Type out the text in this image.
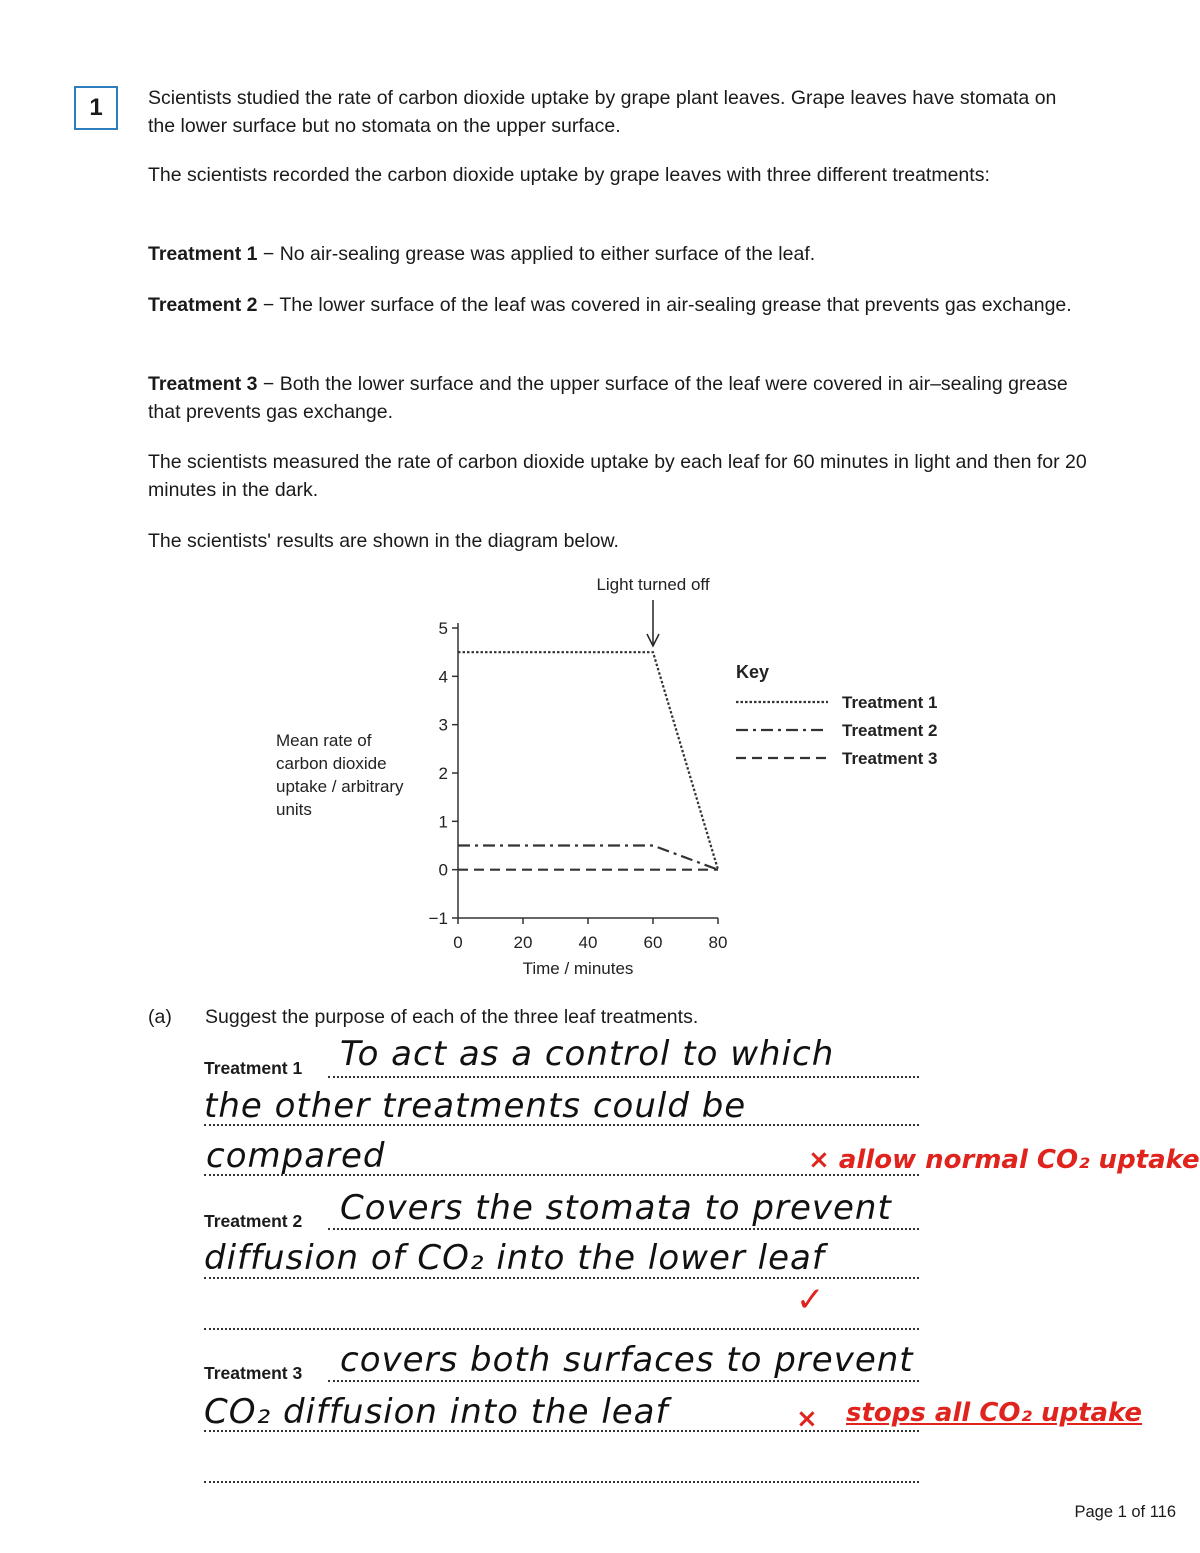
1 Scientists studied the rate of carbon dioxide uptake by grape plant leaves. Grape leaves have stomata on the lower surface but no stomata on the upper surface.

The scientists recorded the carbon dioxide uptake by grape leaves with three different treatments:

Treatment 1 − No air-sealing grease was applied to either surface of the leaf.

Treatment 2 − The lower surface of the leaf was covered in air-sealing grease that prevents gas exchange.

Treatment 3 − Both the lower surface and the upper surface of the leaf were covered in air–sealing grease that prevents gas exchange.

The scientists measured the rate of carbon dioxide uptake by each leaf for 60 minutes in light and then for 20 minutes in the dark.

The scientists' results are shown in the diagram below.

5
4
3
2
1
0
−1
0	20	40	60	80
Time / minutes
Mean rate of
carbon dioxide
uptake / arbitrary
units
Light turned off
Key
Treatment 1
Treatment 2
Treatment 3
(a) Suggest the purpose of each of the three leaf treatments.
Treatment 1 To act as a control to which
the other treatments could be
compared	× allow normal CO₂ uptake
Treatment 2 Covers the stomata to prevent
diffusion of CO₂ into the lower leaf
✓
Treatment 3 covers both surfaces to prevent
CO₂ diffusion into the leaf	× stops all CO₂ uptake
Page 1 of 116
